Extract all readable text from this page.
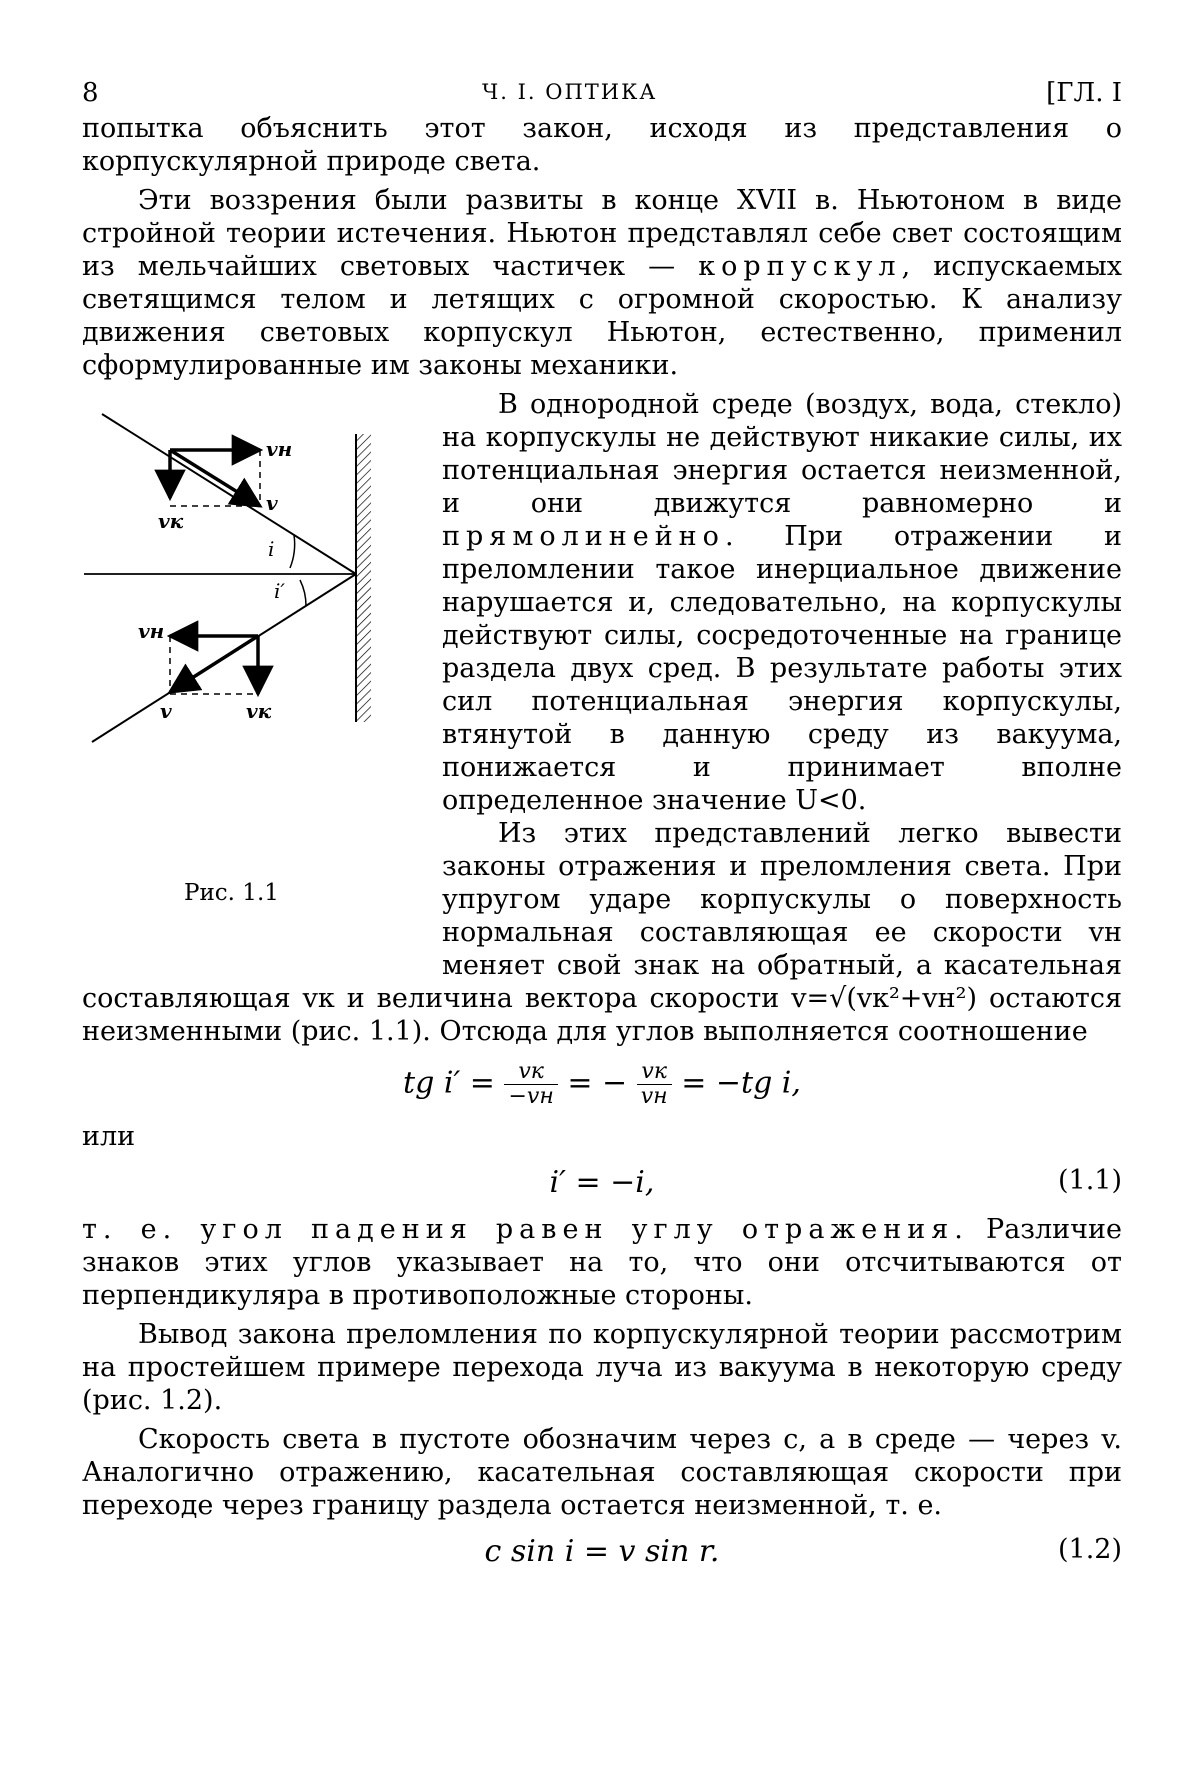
8	Ч. I. ОПТИКА	[ГЛ. I

попытка объяснить этот закон, исходя из представления о корпускулярной природе света.

Эти воззрения были развиты в конце XVII в. Ньютоном в виде стройной теории истечения. Ньютон представлял себе свет состоящим из мельчайших световых частичек — корпускул, испускаемых светящимся телом и летящих с огромной скоростью. К анализу движения световых корпускул Ньютон, естественно, применил сформулированные им законы механики.

vн
v
vк
i
i′
vн
v	vк
Рис. 1.1

В однородной среде (воздух, вода, стекло) на корпускулы не действуют никакие силы, их потенциальная энергия остается неизменной, и они движутся равномерно и прямолинейно. При отражении и преломлении такое инерциальное движение нарушается и, следовательно, на корпускулы действуют силы, сосредоточенные на границе раздела двух сред. В результате работы этих сил потенциальная энергия корпускулы, втянутой в данную среду из вакуума, понижается и принимает вполне определенное значение U<0.

Из этих представлений легко вывести законы отражения и преломления света. При упругом ударе корпускулы о поверхность нормальная составляющая ее скорости vн меняет свой знак на обратный, а касательная составляющая vк и величина вектора скорости v=√(vк²+vн²) остаются неизменными (рис. 1.1). Отсюда для углов выполняется соотношение

tg i′ =	vк
−vн = − vк
vн = −tg i,

или

i′ = −i,	(1.1)

т. е. угол падения равен углу отражения. Различие знаков этих углов указывает на то, что они отсчитываются от перпендикуляра в противоположные стороны.

Вывод закона преломления по корпускулярной теории рассмотрим на простейшем примере перехода луча из вакуума в некоторую среду (рис. 1.2).

Скорость света в пустоте обозначим через c, а в среде — через v. Аналогично отражению, касательная составляющая скорости при переходе через границу раздела остается неизменной, т. е.

c sin i = v sin r.	(1.2)
